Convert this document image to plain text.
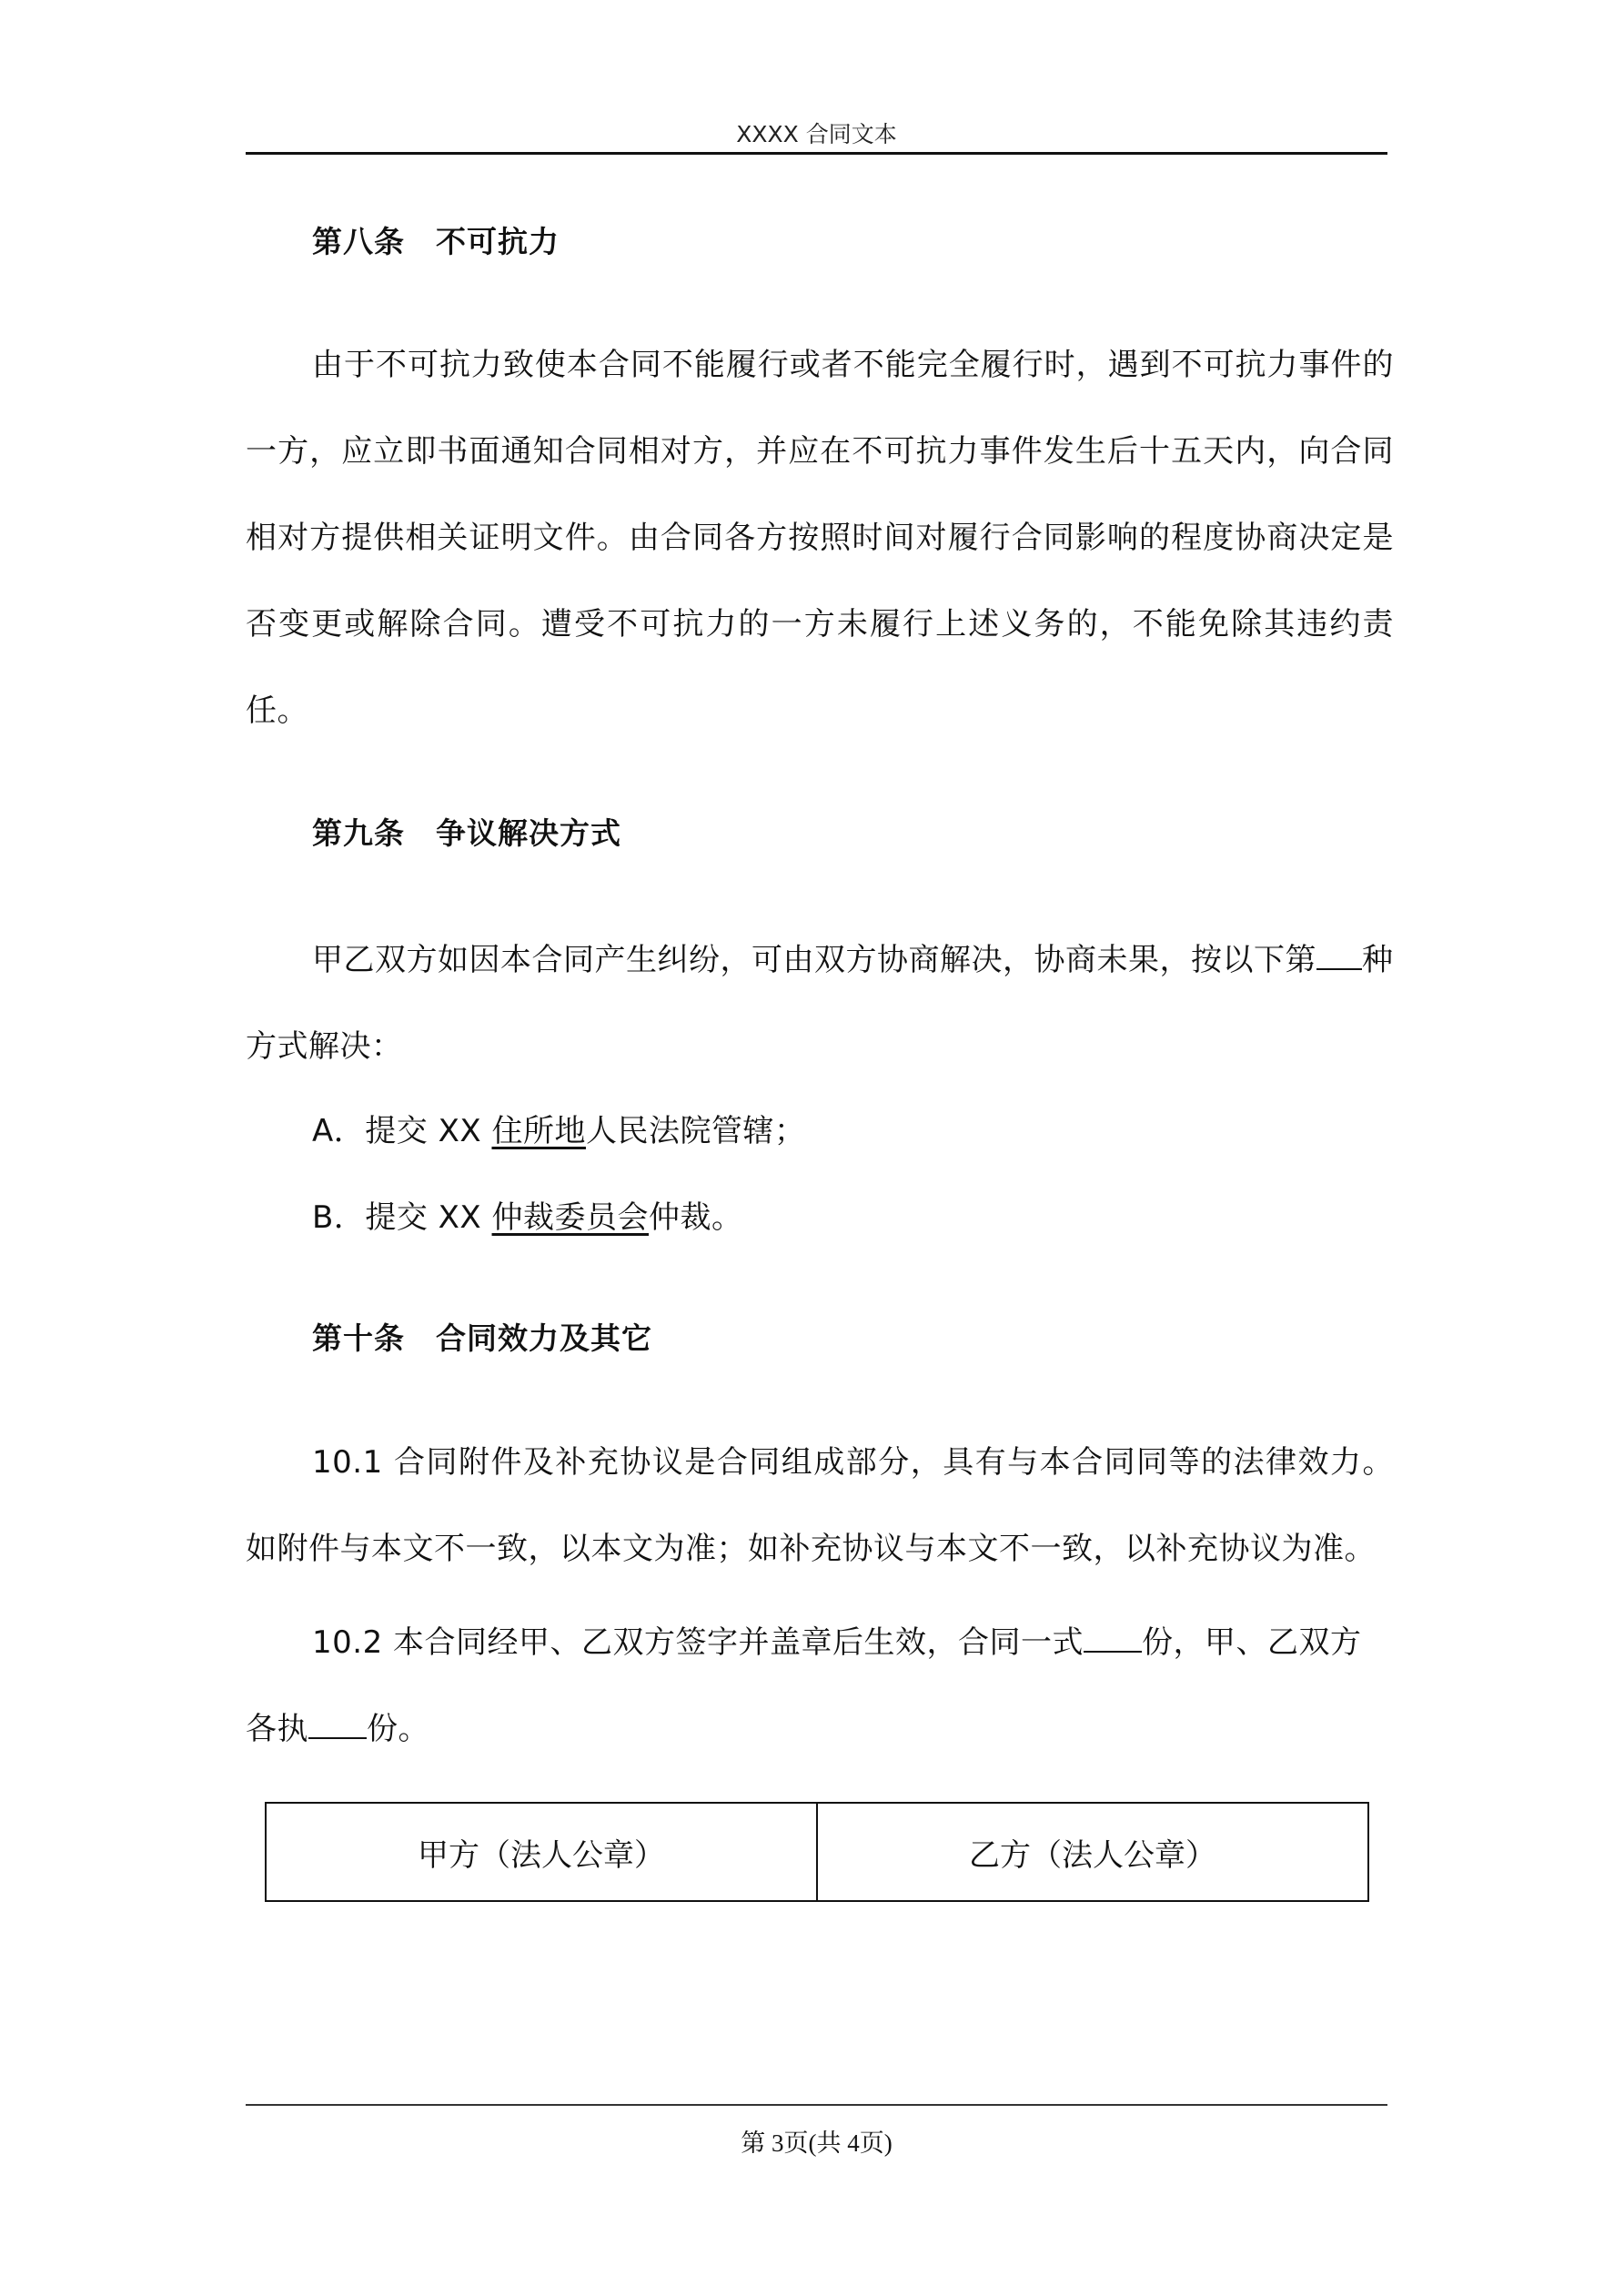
XXXX 合同文本
第八条　不可抗力

由于不可抗力致使本合同不能履行或者不能完全履行时，遇到不可抗力事件的一方，应立即书面通知合同相对方，并应在不可抗力事件发生后十五天内，向合同相对方提供相关证明文件。由合同各方按照时间对履行合同影响的程度协商决定是否变更或解除合同。遭受不可抗力的一方未履行上述义务的，不能免除其违约责任。

第九条　争议解决方式
甲乙双方如因本合同产生纠纷，可由双方协商解决，协商未果，按以下第 种
方式解决：
A．提交 XX 住所地人民法院管辖；
B．提交 XX 仲裁委员会仲裁。
第十条　合同效力及其它

10.1 合同附件及补充协议是合同组成部分，具有与本合同同等的法律效力。如附件与本文不一致，以本文为准；如补充协议与本文不一致，以补充协议为准。

10.2 本合同经甲、乙双方签字并盖章后生效，合同一式 份，甲、乙双方
各执 份。
甲方（法人公章）	乙方（法人公章）
第 3页(共 4页)
